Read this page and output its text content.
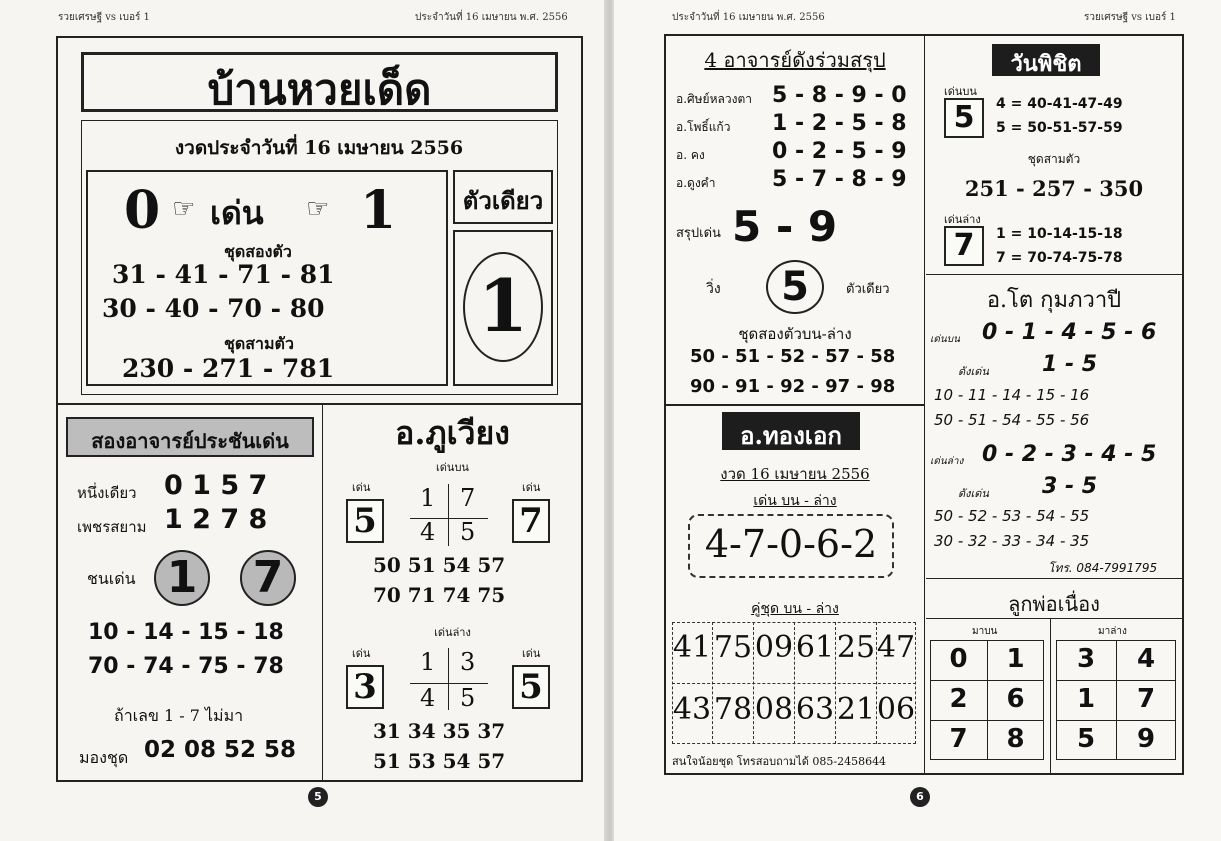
รวยเศรษฐี vs เบอร์ 1	ประจำวันที่ 16 เมษายน พ.ศ. 2556
บ้านหวยเด็ด
งวดประจำวันที่ 16 เมษายน 2556
0 ☞ เด่น ☞ 1
ชุดสองตัว
31 - 41 - 71 - 81
30 - 40 - 70 - 80
ชุดสามตัว
230 - 271 - 781
ตัวเดียว
1
สองอาจารย์ประชันเด่น
หนึ่งเดียว 0 1 5 7
เพชรสยาม 1 2 7 8
ชนเด่น 1 7
10 - 14 - 15 - 18
70 - 74 - 75 - 78
ถ้าเลข 1 - 7 ไม่มา
มองชุด 02 08 52 58
อ.ภูเวียง
เด่นบน
เด่น	เด่น
5	7
1 7
4 5
50 51 54 57
70 71 74 75
เด่นล่าง
เด่น	เด่น
3	5
1 3
4 5
31 34 35 37
51 53 54 57
5
ประจำวันที่ 16 เมษายน พ.ศ. 2556	รวยเศรษฐี vs เบอร์ 1
4 อาจารย์ดังร่วมสรุป
อ.ศิษย์หลวงตา 5 - 8 - 9 - 0
อ.โพธิ์แก้ว 1 - 2 - 5 - 8
อ. คง	0 - 2 - 5 - 9
อ.ดูงคำ	5 - 7 - 8 - 9
สรุปเด่น 5 - 9
วิ่ง	5	ตัวเดียว
ชุดสองตัวบน-ล่าง
50 - 51 - 52 - 57 - 58
90 - 91 - 92 - 97 - 98
วันพิชิต
เด่นบน
5	4 = 40-41-47-49
5 = 50-51-57-59
ชุดสามตัว
251 - 257 - 350
เด่นล่าง
7	1 = 10-14-15-18
7 = 70-74-75-78
อ.โต กุมภวาปี
เด่นบน 0 - 1 - 4 - 5 - 6
ดังเด่น 1 - 5
10 - 11 - 14 - 15 - 16
50 - 51 - 54 - 55 - 56
เด่นล่าง 0 - 2 - 3 - 4 - 5
ดังเด่น 3 - 5
50 - 52 - 53 - 54 - 55
30 - 32 - 33 - 34 - 35
โทร. 084-7991795
ลูกพ่อเนื่อง
มาบน	มาล่าง
0	1
2	6
7	8
3	4
1	7
5	9
อ.ทองเอก
งวด 16 เมษายน 2556
เด่น บน - ล่าง
4-7-0-6-2
คู่ชุด บน - ล่าง
41 75 09 61 25 47
43 78 08 63 21 06
สนใจน้อยชุด โทรสอบถามได้ 085-2458644
6
